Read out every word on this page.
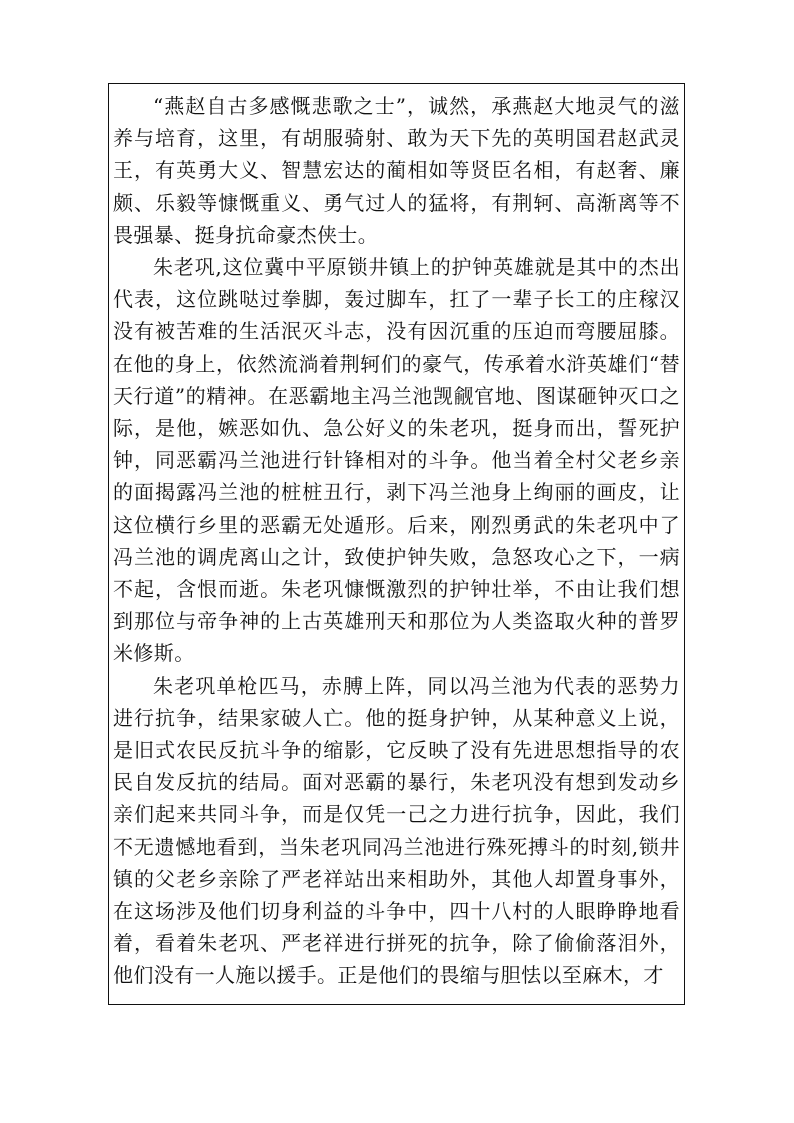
“燕赵自古多感慨悲歌之士”，诚然，承燕赵大地灵气的滋养与培育，这里，有胡服骑射、敢为天下先的英明国君赵武灵王，有英勇大义、智慧宏达的蔺相如等贤臣名相，有赵奢、廉颇、乐毅等慷慨重义、勇气过人的猛将，有荆轲、高渐离等不畏强暴、挺身抗命豪杰侠士。

朱老巩,这位冀中平原锁井镇上的护钟英雄就是其中的杰出代表，这位跳哒过拳脚，轰过脚车，扛了一辈子长工的庄稼汉没有被苦难的生活泯灭斗志，没有因沉重的压迫而弯腰屈膝。在他的身上，依然流淌着荆轲们的豪气，传承着水浒英雄们“替天行道”的精神。在恶霸地主冯兰池觊觎官地、图谋砸钟灭口之际，是他，嫉恶如仇、急公好义的朱老巩，挺身而出，誓死护钟，同恶霸冯兰池进行针锋相对的斗争。他当着全村父老乡亲的面揭露冯兰池的桩桩丑行，剥下冯兰池身上绚丽的画皮，让这位横行乡里的恶霸无处遁形。后来，刚烈勇武的朱老巩中了冯兰池的调虎离山之计，致使护钟失败，急怒攻心之下，一病不起，含恨而逝。朱老巩慷慨激烈的护钟壮举，不由让我们想到那位与帝争神的上古英雄刑天和那位为人类盗取火种的普罗米修斯。

朱老巩单枪匹马，赤膊上阵，同以冯兰池为代表的恶势力进行抗争，结果家破人亡。他的挺身护钟，从某种意义上说，是旧式农民反抗斗争的缩影，它反映了没有先进思想指导的农民自发反抗的结局。面对恶霸的暴行，朱老巩没有想到发动乡亲们起来共同斗争，而是仅凭一己之力进行抗争，因此，我们不无遗憾地看到，当朱老巩同冯兰池进行殊死搏斗的时刻,锁井镇的父老乡亲除了严老祥站出来相助外，其他人却置身事外，在这场涉及他们切身利益的斗争中，四十八村的人眼睁睁地看着，看着朱老巩、严老祥进行拼死的抗争，除了偷偷落泪外，他们没有一人施以援手。正是他们的畏缩与胆怯以至麻木，才
